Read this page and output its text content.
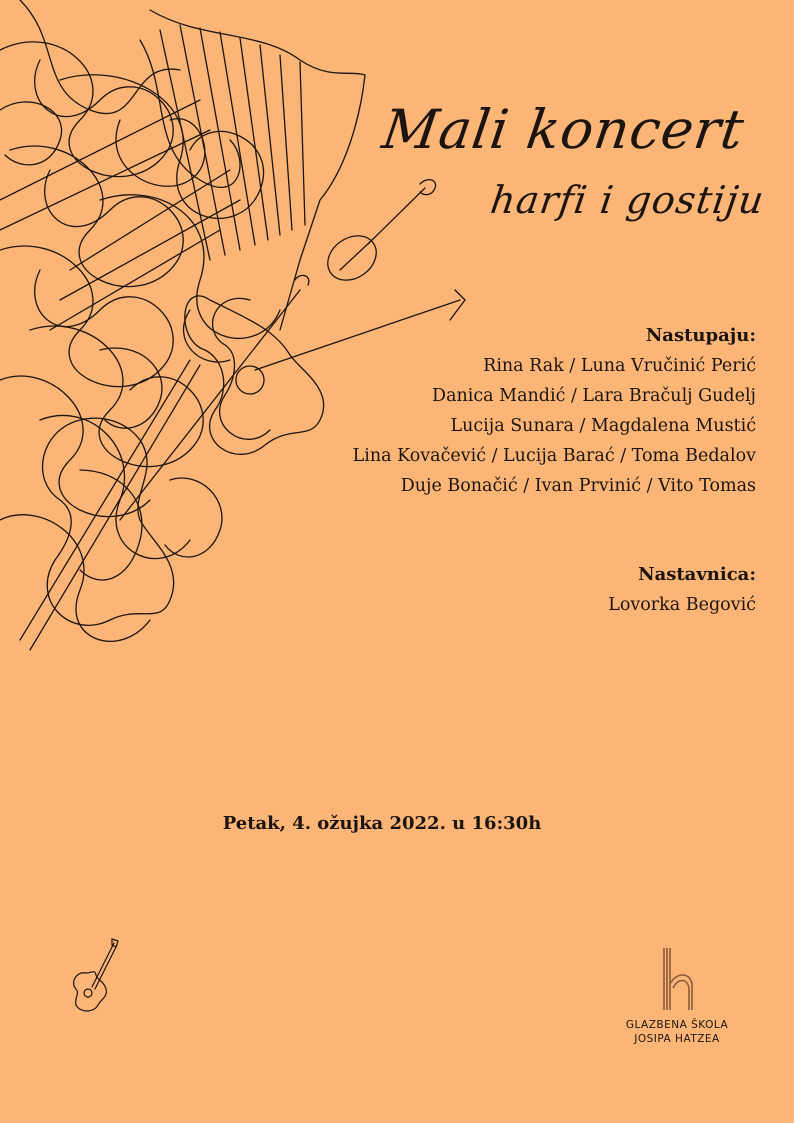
Mali koncert
harfi i gostiju
Nastupaju:
Rina Rak / Luna Vručinić Perić
Danica Mandić / Lara Bračulj Gudelj
Lucija Sunara / Magdalena Mustić
Lina Kovačević / Lucija Barać / Toma Bedalov
Duje Bonačić / Ivan Prvinić / Vito Tomas
Nastavnica:
Lovorka Begović
Petak, 4. ožujka 2022. u 16:30h
GLAZBENA ŠKOLA
JOSIPA HATZEA
